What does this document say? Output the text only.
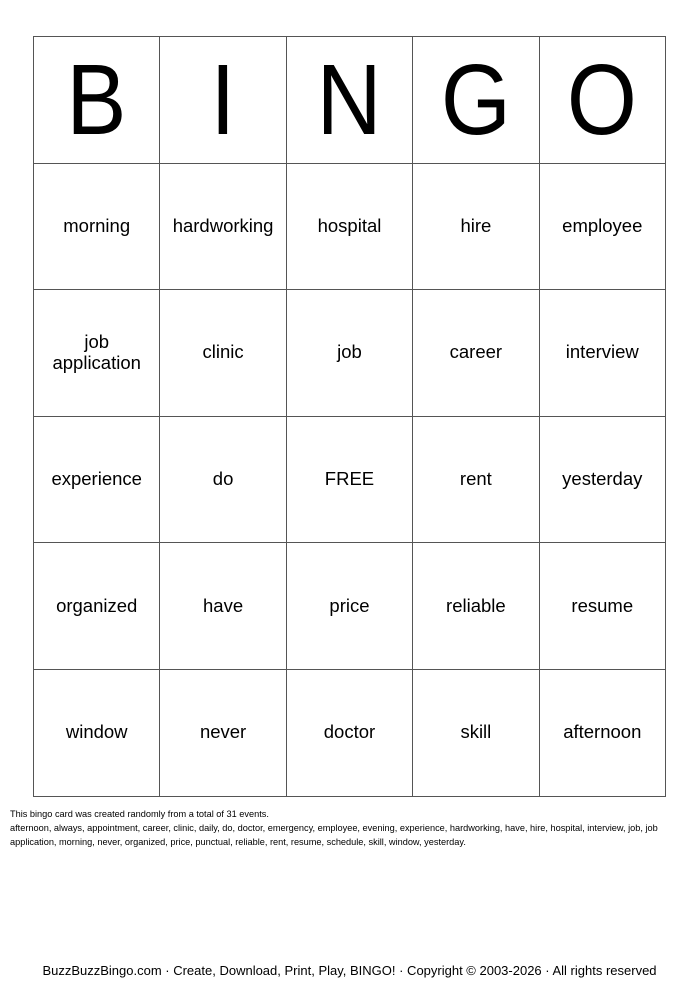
B	I	N	G	O
morning	hardworking	hospital	hire	employee
job application	clinic	job	career	interview
experience	do	FREE	rent	yesterday
organized	have	price	reliable	resume
window	never	doctor	skill	afternoon

This bingo card was created randomly from a total of 31 events.

afternoon, always, appointment, career, clinic, daily, do, doctor, emergency, employee, evening, experience, hardworking, have, hire, hospital, interview, job, job application, morning, never, organized, price, punctual, reliable, rent, resume, schedule, skill, window, yesterday.

BuzzBuzzBingo.com · Create, Download, Print, Play, BINGO! · Copyright © 2003-2026 · All rights reserved
